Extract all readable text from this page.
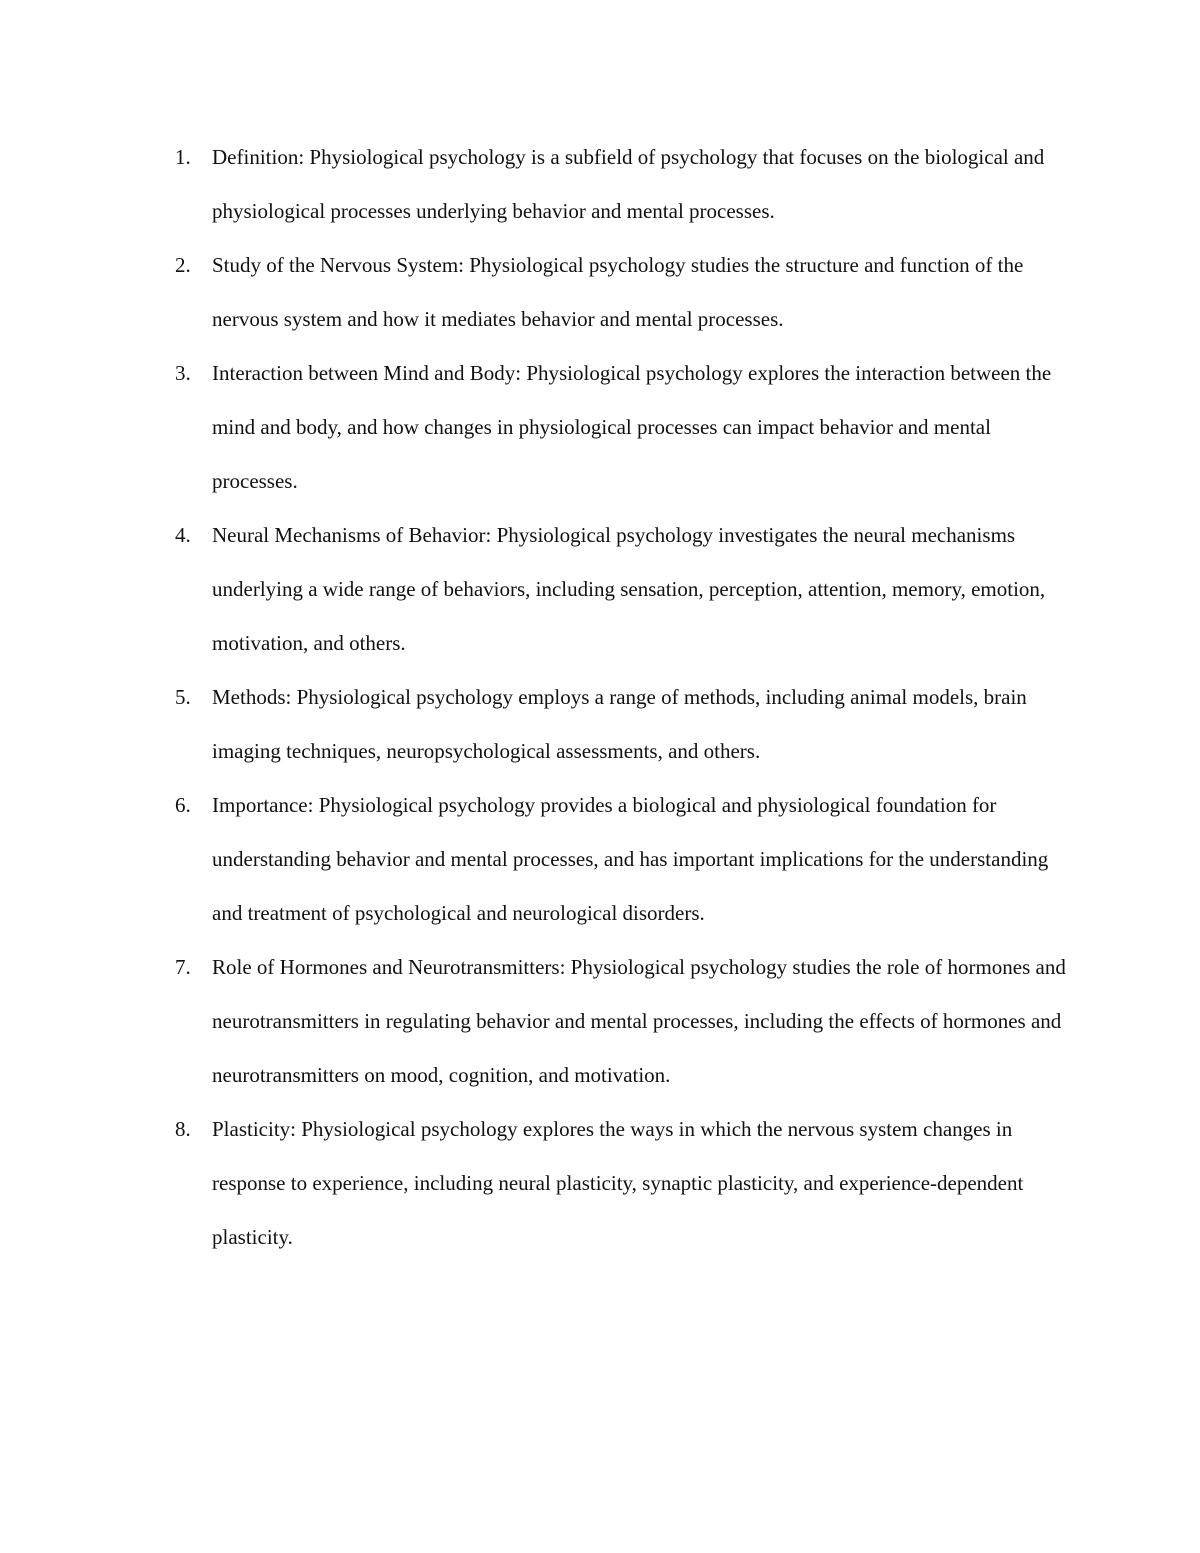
1.	Definition: Physiological psychology is a subfield of psychology that focuses on the biological and physiological processes underlying behavior and mental processes.
2.	Study of the Nervous System: Physiological psychology studies the structure and function of the nervous system and how it mediates behavior and mental processes.
3.	Interaction between Mind and Body: Physiological psychology explores the interaction between the mind and body, and how changes in physiological processes can impact behavior and mental processes.
4.	Neural Mechanisms of Behavior: Physiological psychology investigates the neural mechanisms underlying a wide range of behaviors, including sensation, perception, attention, memory, emotion, motivation, and others.
5.	Methods: Physiological psychology employs a range of methods, including animal models, brain imaging techniques, neuropsychological assessments, and others.
6.	Importance: Physiological psychology provides a biological and physiological foundation for understanding behavior and mental processes, and has important implications for the understanding and treatment of psychological and neurological disorders.
7.	Role of Hormones and Neurotransmitters: Physiological psychology studies the role of hormones and neurotransmitters in regulating behavior and mental processes, including the effects of hormones and neurotransmitters on mood, cognition, and motivation.
8.	Plasticity: Physiological psychology explores the ways in which the nervous system changes in response to experience, including neural plasticity, synaptic plasticity, and experience-dependent plasticity.
